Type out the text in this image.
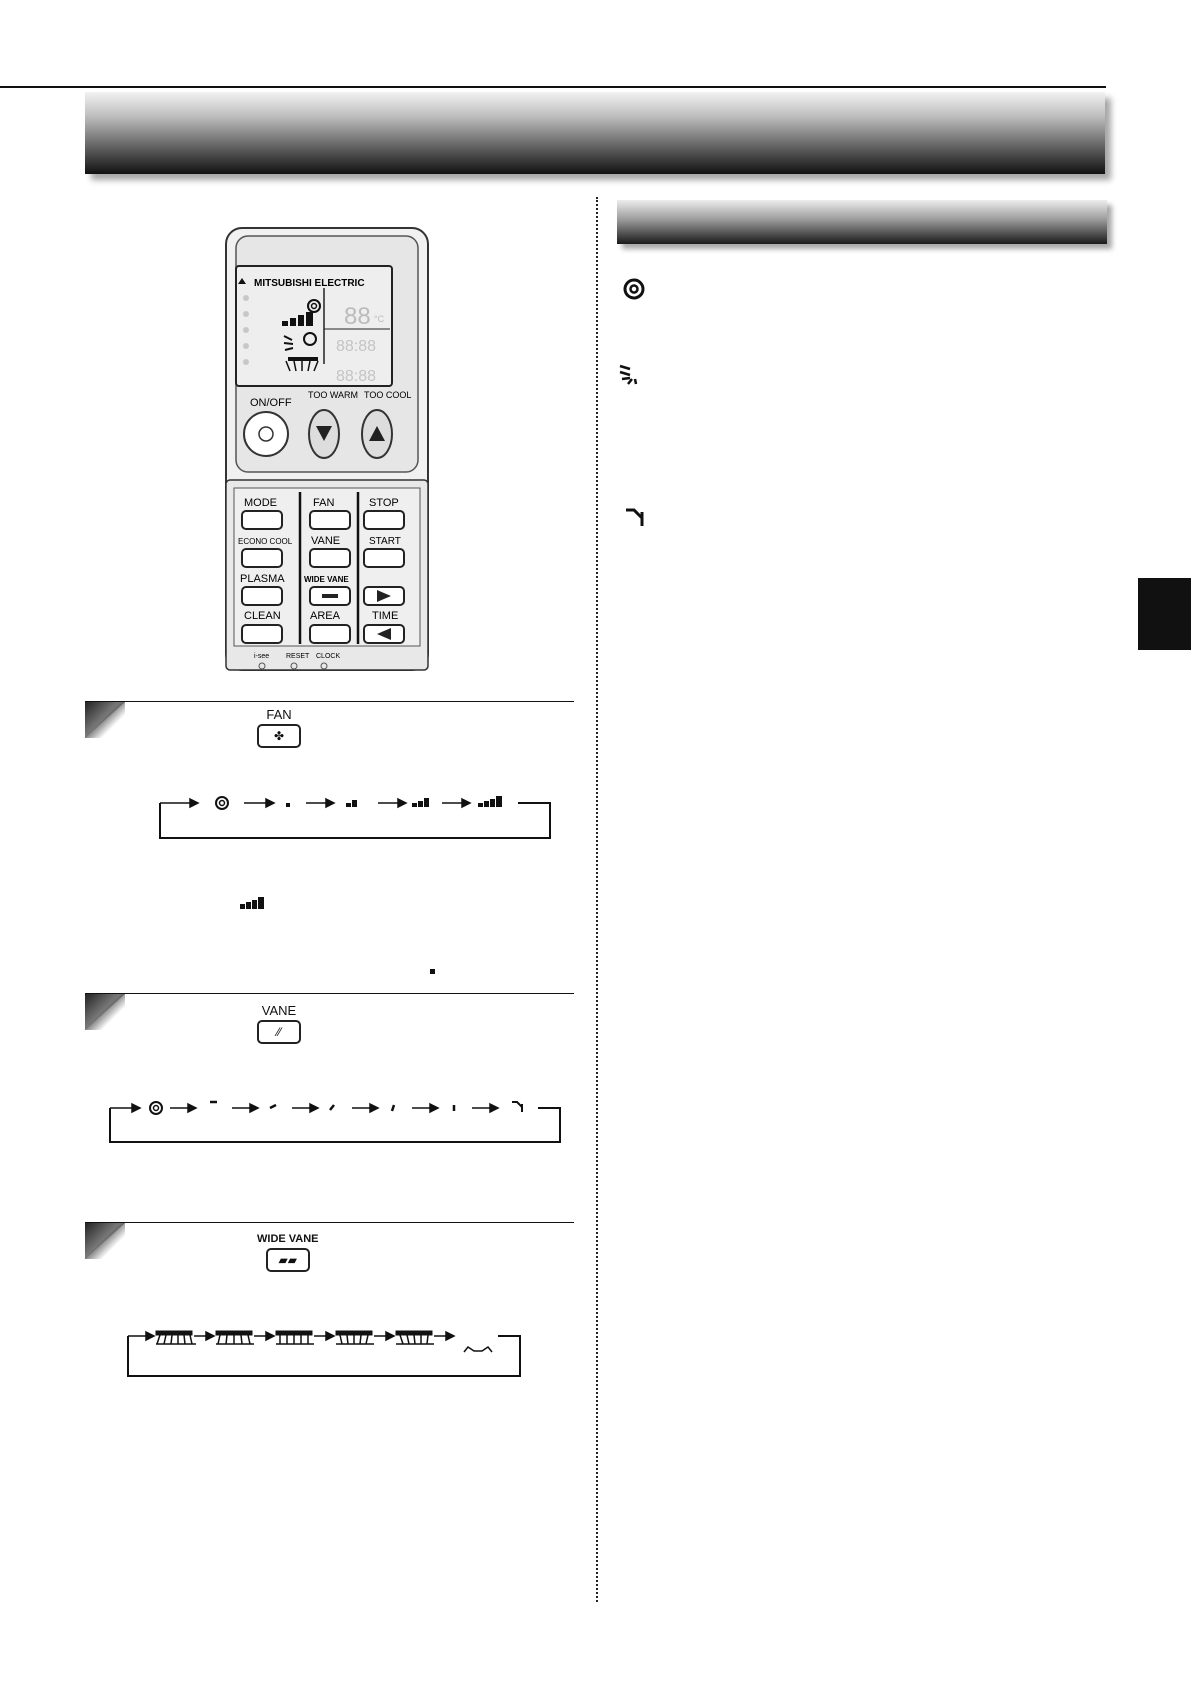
MITSUBISHI ELECTRIC
88 °C
88:88
88:88
ON/OFF
TOO WARM TOO COOL
MODE	FAN	STOP
ECONO COOL VANE	START
PLASMA WIDE VANE
CLEAN	AREA	TIME
i-see RESET CLOCK
FAN
✤
VANE
⁄⁄
WIDE VANE
▰▰
